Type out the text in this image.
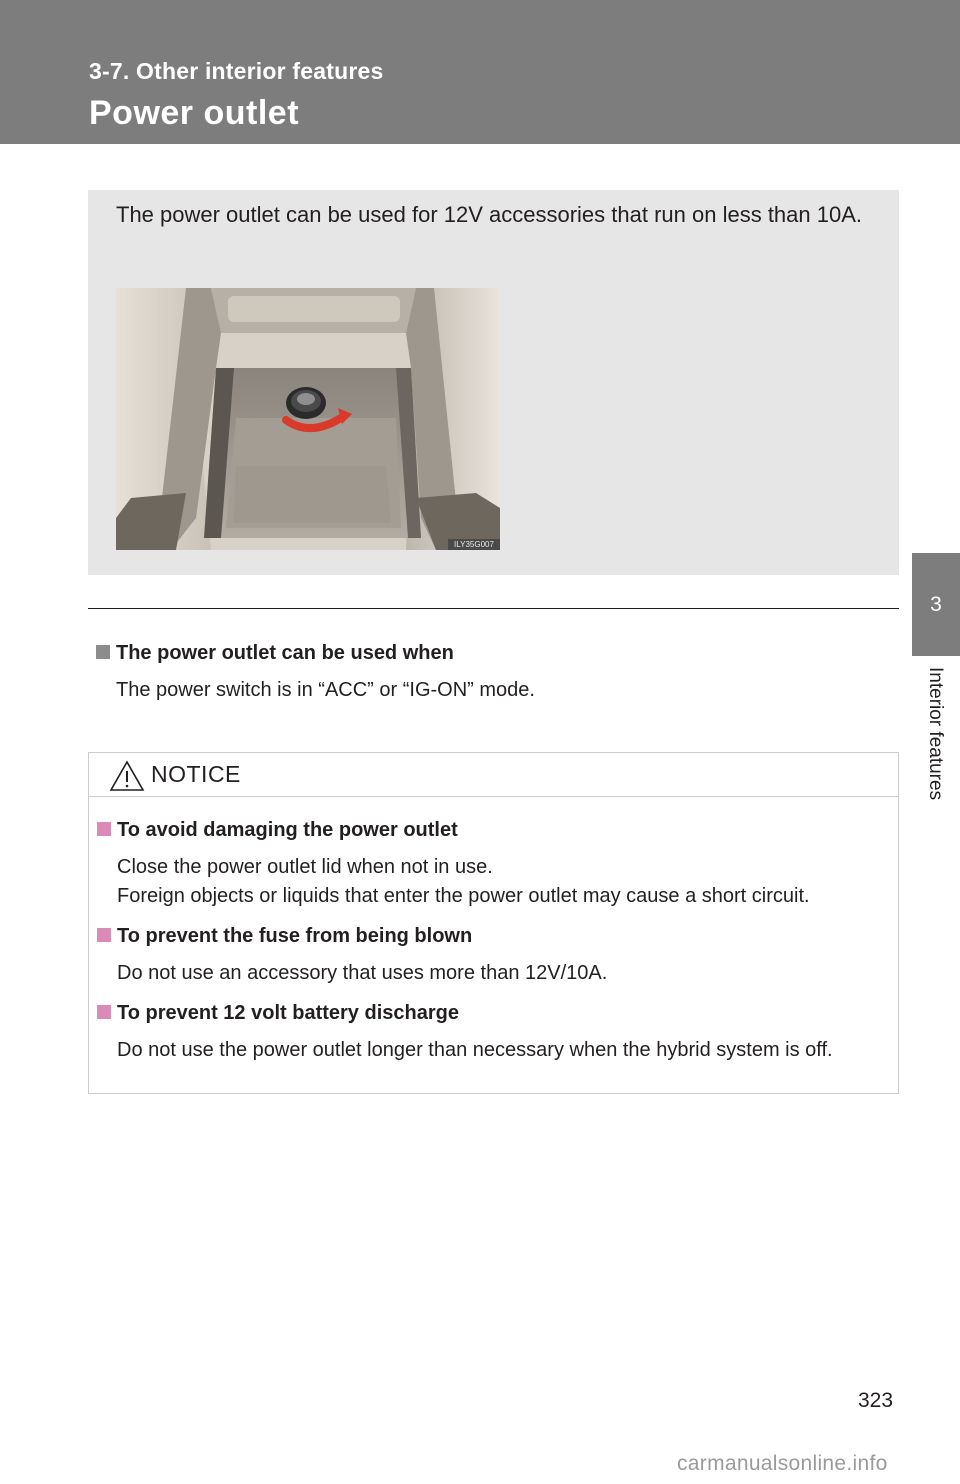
3-7. Other interior features
Power outlet
3
Interior features

The power outlet can be used for 12V accessories that run on less than 10A.

ILY35G007
The power outlet can be used when
The power switch is in “ACC” or “IG-ON” mode.
NOTICE
To avoid damaging the power outlet
Close the power outlet lid when not in use.
Foreign objects or liquids that enter the power outlet may cause a short circuit.
To prevent the fuse from being blown
Do not use an accessory that uses more than 12V/10A.
To prevent 12 volt battery discharge
Do not use the power outlet longer than necessary when the hybrid system is off.
323
carmanualsonline.info
